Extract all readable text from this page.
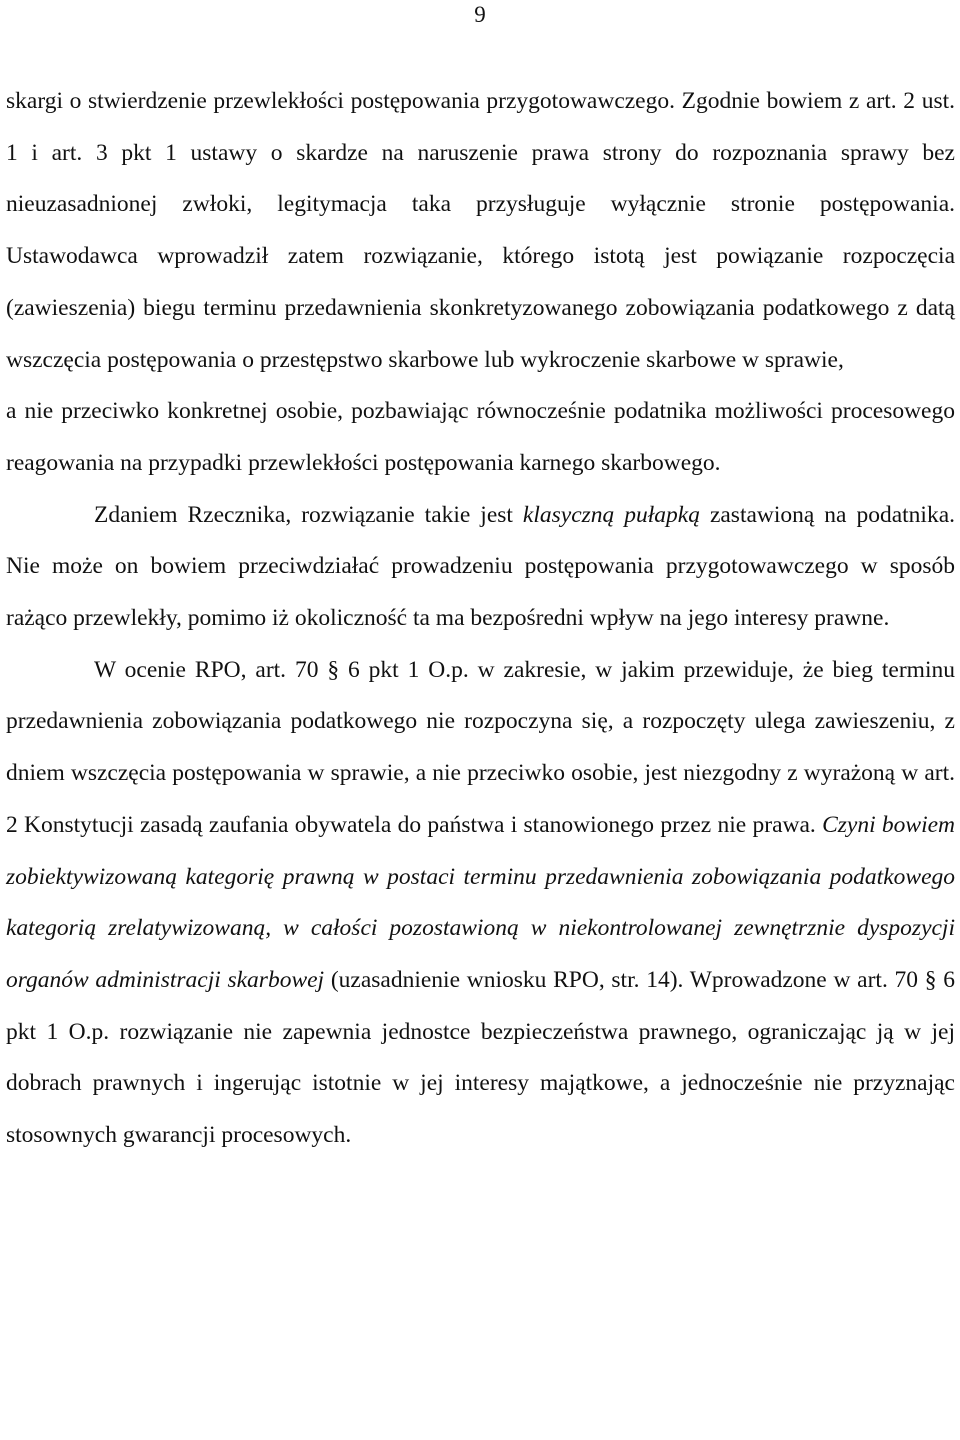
9

skargi o stwierdzenie przewlekłości postępowania przygotowawczego. Zgodnie bowiem z art. 2 ust. 1 i art. 3 pkt 1 ustawy o skardze na naruszenie prawa strony do rozpoznania sprawy bez nieuzasadnionej zwłoki, legitymacja taka przysługuje wyłącznie stronie postępowania. Ustawodawca wprowadził zatem rozwiązanie, którego istotą jest powiązanie rozpoczęcia (zawieszenia) biegu terminu przedawnienia skonkretyzowanego zobowiązania podatkowego z datą wszczęcia postępowania o przestępstwo skarbowe lub wykroczenie skarbowe w sprawie,

a nie przeciwko konkretnej osobie, pozbawiając równocześnie podatnika możliwości procesowego reagowania na przypadki przewlekłości postępowania karnego skarbowego.

Zdaniem Rzecznika, rozwiązanie takie jest klasyczną pułapką zastawioną na podatnika. Nie może on bowiem przeciwdziałać prowadzeniu postępowania przygotowawczego w sposób rażąco przewlekły, pomimo iż okoliczność ta ma bezpośredni wpływ na jego interesy prawne.

W ocenie RPO, art. 70 § 6 pkt 1 O.p. w zakresie, w jakim przewiduje, że bieg terminu przedawnienia zobowiązania podatkowego nie rozpoczyna się, a rozpoczęty ulega zawieszeniu, z dniem wszczęcia postępowania w sprawie, a nie przeciwko osobie, jest niezgodny z wyrażoną w art. 2 Konstytucji zasadą zaufania obywatela do państwa i stanowionego przez nie prawa. Czyni bowiem zobiektywizowaną kategorię prawną w postaci terminu przedawnienia zobowiązania podatkowego kategorią zrelatywizowaną, w całości pozostawioną w niekontrolowanej zewnętrznie dyspozycji organów administracji skarbowej (uzasadnienie wniosku RPO, str. 14). Wprowadzone w art. 70 § 6 pkt 1 O.p. rozwiązanie nie zapewnia jednostce bezpieczeństwa prawnego, ograniczając ją w jej dobrach prawnych i ingerując istotnie w jej interesy majątkowe, a jednocześnie nie przyznając stosownych gwarancji procesowych.
